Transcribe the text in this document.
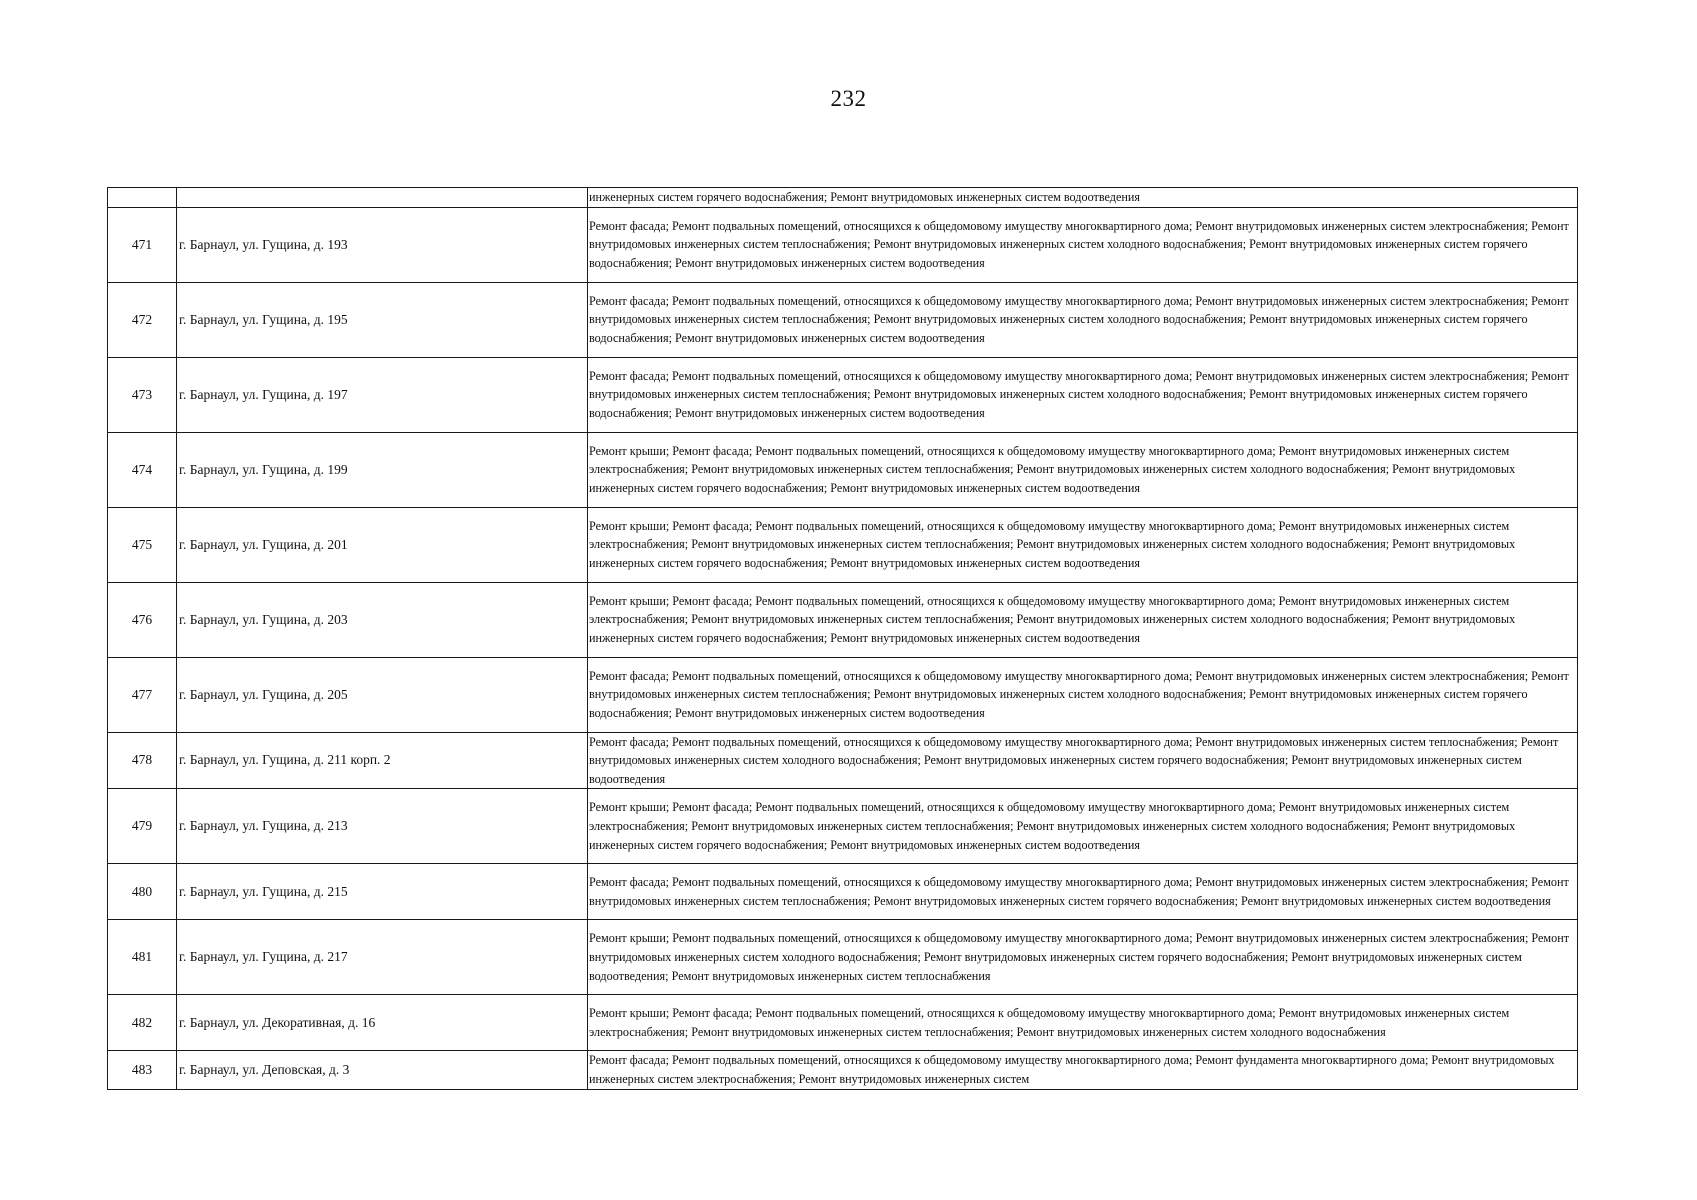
232
		инженерных систем горячего водоснабжения; Ремонт внутридомовых инженерных систем водоотведения
471	г. Барнаул, ул. Гущина, д. 193	Ремонт фасада; Ремонт подвальных помещений, относящихся к общедомовому имуществу многоквартирного дома; Ремонт внутридомовых инженерных систем электроснабжения; Ремонт внутридомовых инженерных систем теплоснабжения; Ремонт внутридомовых инженерных систем холодного водоснабжения; Ремонт внутридомовых инженерных систем горячего водоснабжения; Ремонт внутридомовых инженерных систем водоотведения
472	г. Барнаул, ул. Гущина, д. 195	Ремонт фасада; Ремонт подвальных помещений, относящихся к общедомовому имуществу многоквартирного дома; Ремонт внутридомовых инженерных систем электроснабжения; Ремонт внутридомовых инженерных систем теплоснабжения; Ремонт внутридомовых инженерных систем холодного водоснабжения; Ремонт внутридомовых инженерных систем горячего водоснабжения; Ремонт внутридомовых инженерных систем водоотведения
473	г. Барнаул, ул. Гущина, д. 197	Ремонт фасада; Ремонт подвальных помещений, относящихся к общедомовому имуществу многоквартирного дома; Ремонт внутридомовых инженерных систем электроснабжения; Ремонт внутридомовых инженерных систем теплоснабжения; Ремонт внутридомовых инженерных систем холодного водоснабжения; Ремонт внутридомовых инженерных систем горячего водоснабжения; Ремонт внутридомовых инженерных систем водоотведения
474	г. Барнаул, ул. Гущина, д. 199	Ремонт крыши; Ремонт фасада; Ремонт подвальных помещений, относящихся к общедомовому имуществу многоквартирного дома; Ремонт внутридомовых инженерных систем электроснабжения; Ремонт внутридомовых инженерных систем теплоснабжения; Ремонт внутридомовых инженерных систем холодного водоснабжения; Ремонт внутридомовых инженерных систем горячего водоснабжения; Ремонт внутридомовых инженерных систем водоотведения
475	г. Барнаул, ул. Гущина, д. 201	Ремонт крыши; Ремонт фасада; Ремонт подвальных помещений, относящихся к общедомовому имуществу многоквартирного дома; Ремонт внутридомовых инженерных систем электроснабжения; Ремонт внутридомовых инженерных систем теплоснабжения; Ремонт внутридомовых инженерных систем холодного водоснабжения; Ремонт внутридомовых инженерных систем горячего водоснабжения; Ремонт внутридомовых инженерных систем водоотведения
476	г. Барнаул, ул. Гущина, д. 203	Ремонт крыши; Ремонт фасада; Ремонт подвальных помещений, относящихся к общедомовому имуществу многоквартирного дома; Ремонт внутридомовых инженерных систем электроснабжения; Ремонт внутридомовых инженерных систем теплоснабжения; Ремонт внутридомовых инженерных систем холодного водоснабжения; Ремонт внутридомовых инженерных систем горячего водоснабжения; Ремонт внутридомовых инженерных систем водоотведения
477	г. Барнаул, ул. Гущина, д. 205	Ремонт фасада; Ремонт подвальных помещений, относящихся к общедомовому имуществу многоквартирного дома; Ремонт внутридомовых инженерных систем электроснабжения; Ремонт внутридомовых инженерных систем теплоснабжения; Ремонт внутридомовых инженерных систем холодного водоснабжения; Ремонт внутридомовых инженерных систем горячего водоснабжения; Ремонт внутридомовых инженерных систем водоотведения
478	г. Барнаул, ул. Гущина, д. 211 корп. 2	Ремонт фасада; Ремонт подвальных помещений, относящихся к общедомовому имуществу многоквартирного дома; Ремонт внутридомовых инженерных систем теплоснабжения; Ремонт внутридомовых инженерных систем холодного водоснабжения; Ремонт внутридомовых инженерных систем горячего водоснабжения; Ремонт внутридомовых инженерных систем водоотведения
479	г. Барнаул, ул. Гущина, д. 213	Ремонт крыши; Ремонт фасада; Ремонт подвальных помещений, относящихся к общедомовому имуществу многоквартирного дома; Ремонт внутридомовых инженерных систем электроснабжения; Ремонт внутридомовых инженерных систем теплоснабжения; Ремонт внутридомовых инженерных систем холодного водоснабжения; Ремонт внутридомовых инженерных систем горячего водоснабжения; Ремонт внутридомовых инженерных систем водоотведения
480	г. Барнаул, ул. Гущина, д. 215	Ремонт фасада; Ремонт подвальных помещений, относящихся к общедомовому имуществу многоквартирного дома; Ремонт внутридомовых инженерных систем электроснабжения; Ремонт внутридомовых инженерных систем теплоснабжения; Ремонт внутридомовых инженерных систем горячего водоснабжения; Ремонт внутридомовых инженерных систем водоотведения
481	г. Барнаул, ул. Гущина, д. 217	Ремонт крыши; Ремонт подвальных помещений, относящихся к общедомовому имуществу многоквартирного дома; Ремонт внутридомовых инженерных систем электроснабжения; Ремонт внутридомовых инженерных систем холодного водоснабжения; Ремонт внутридомовых инженерных систем горячего водоснабжения; Ремонт внутридомовых инженерных систем водоотведения; Ремонт внутридомовых инженерных систем теплоснабжения
482	г. Барнаул, ул. Декоративная, д. 16	Ремонт крыши; Ремонт фасада; Ремонт подвальных помещений, относящихся к общедомовому имуществу многоквартирного дома; Ремонт внутридомовых инженерных систем электроснабжения; Ремонт внутридомовых инженерных систем теплоснабжения; Ремонт внутридомовых инженерных систем холодного водоснабжения
483	г. Барнаул, ул. Деповская, д. 3	Ремонт фасада; Ремонт подвальных помещений, относящихся к общедомовому имуществу многоквартирного дома; Ремонт фундамента многоквартирного дома; Ремонт внутридомовых инженерных систем электроснабжения; Ремонт внутридомовых инженерных систем
